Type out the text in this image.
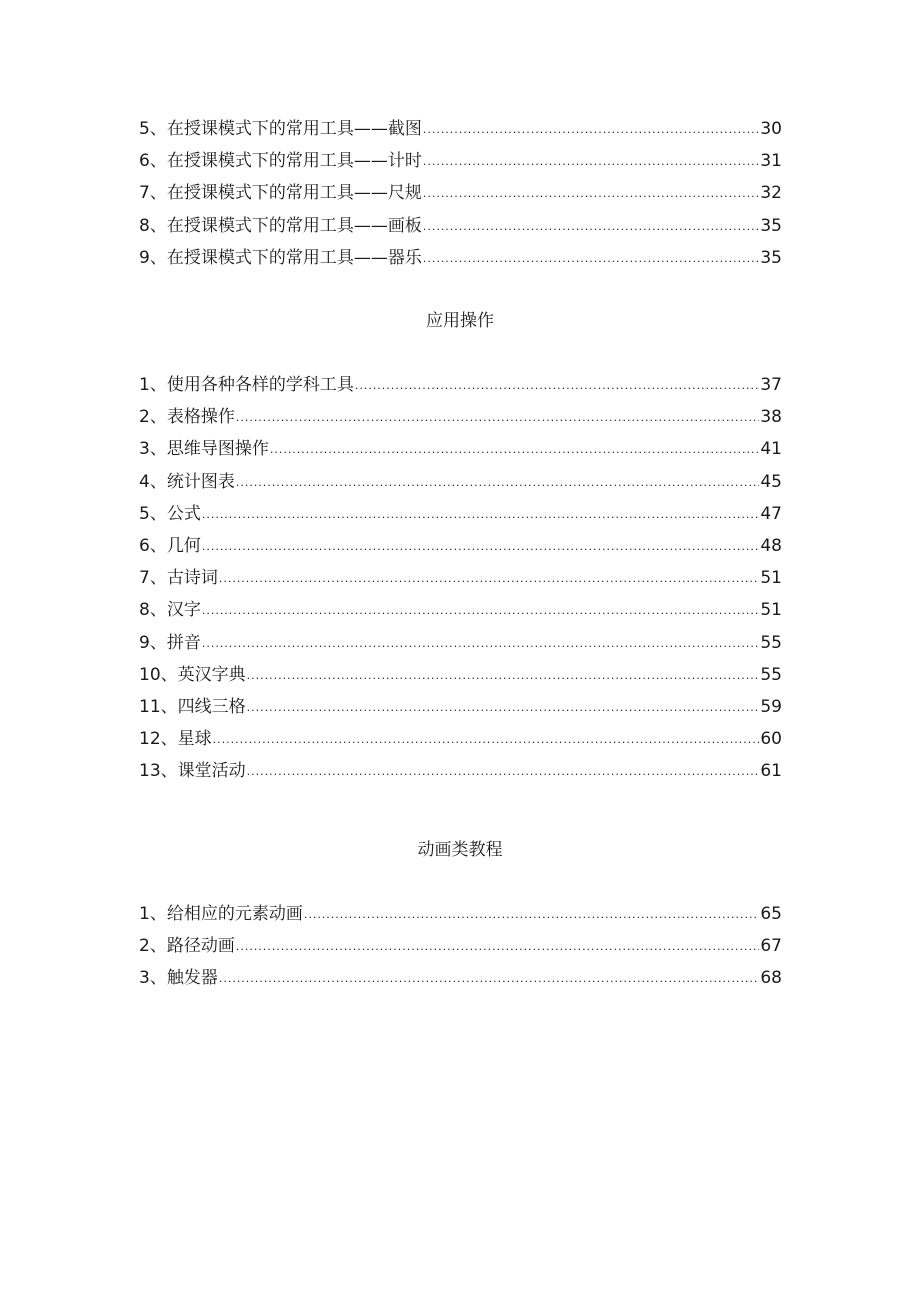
5、在授课模式下的常用工具——截图 .....	30
6、在授课模式下的常用工具——计时 .....	31
7、在授课模式下的常用工具——尺规 .....	32
8、在授课模式下的常用工具——画板 .....	35
9、在授课模式下的常用工具——器乐 .....	35
应用操作
1、使用各种各样的学科工具 .....	37
2、表格操作 .....	38
3、思维导图操作 .....	41
4、统计图表 .....	45
5、公式 .....	47
6、几何 .....	48
7、古诗词 .....	51
8、汉字 .....	51
9、拼音 .....	55
10、英汉字典 .....	55
11、四线三格 .....	59
12、星球 .....	60
13、课堂活动 .....	61
动画类教程
1、给相应的元素动画 .....	65
2、路径动画 .....	67
3、触发器 .....	68
